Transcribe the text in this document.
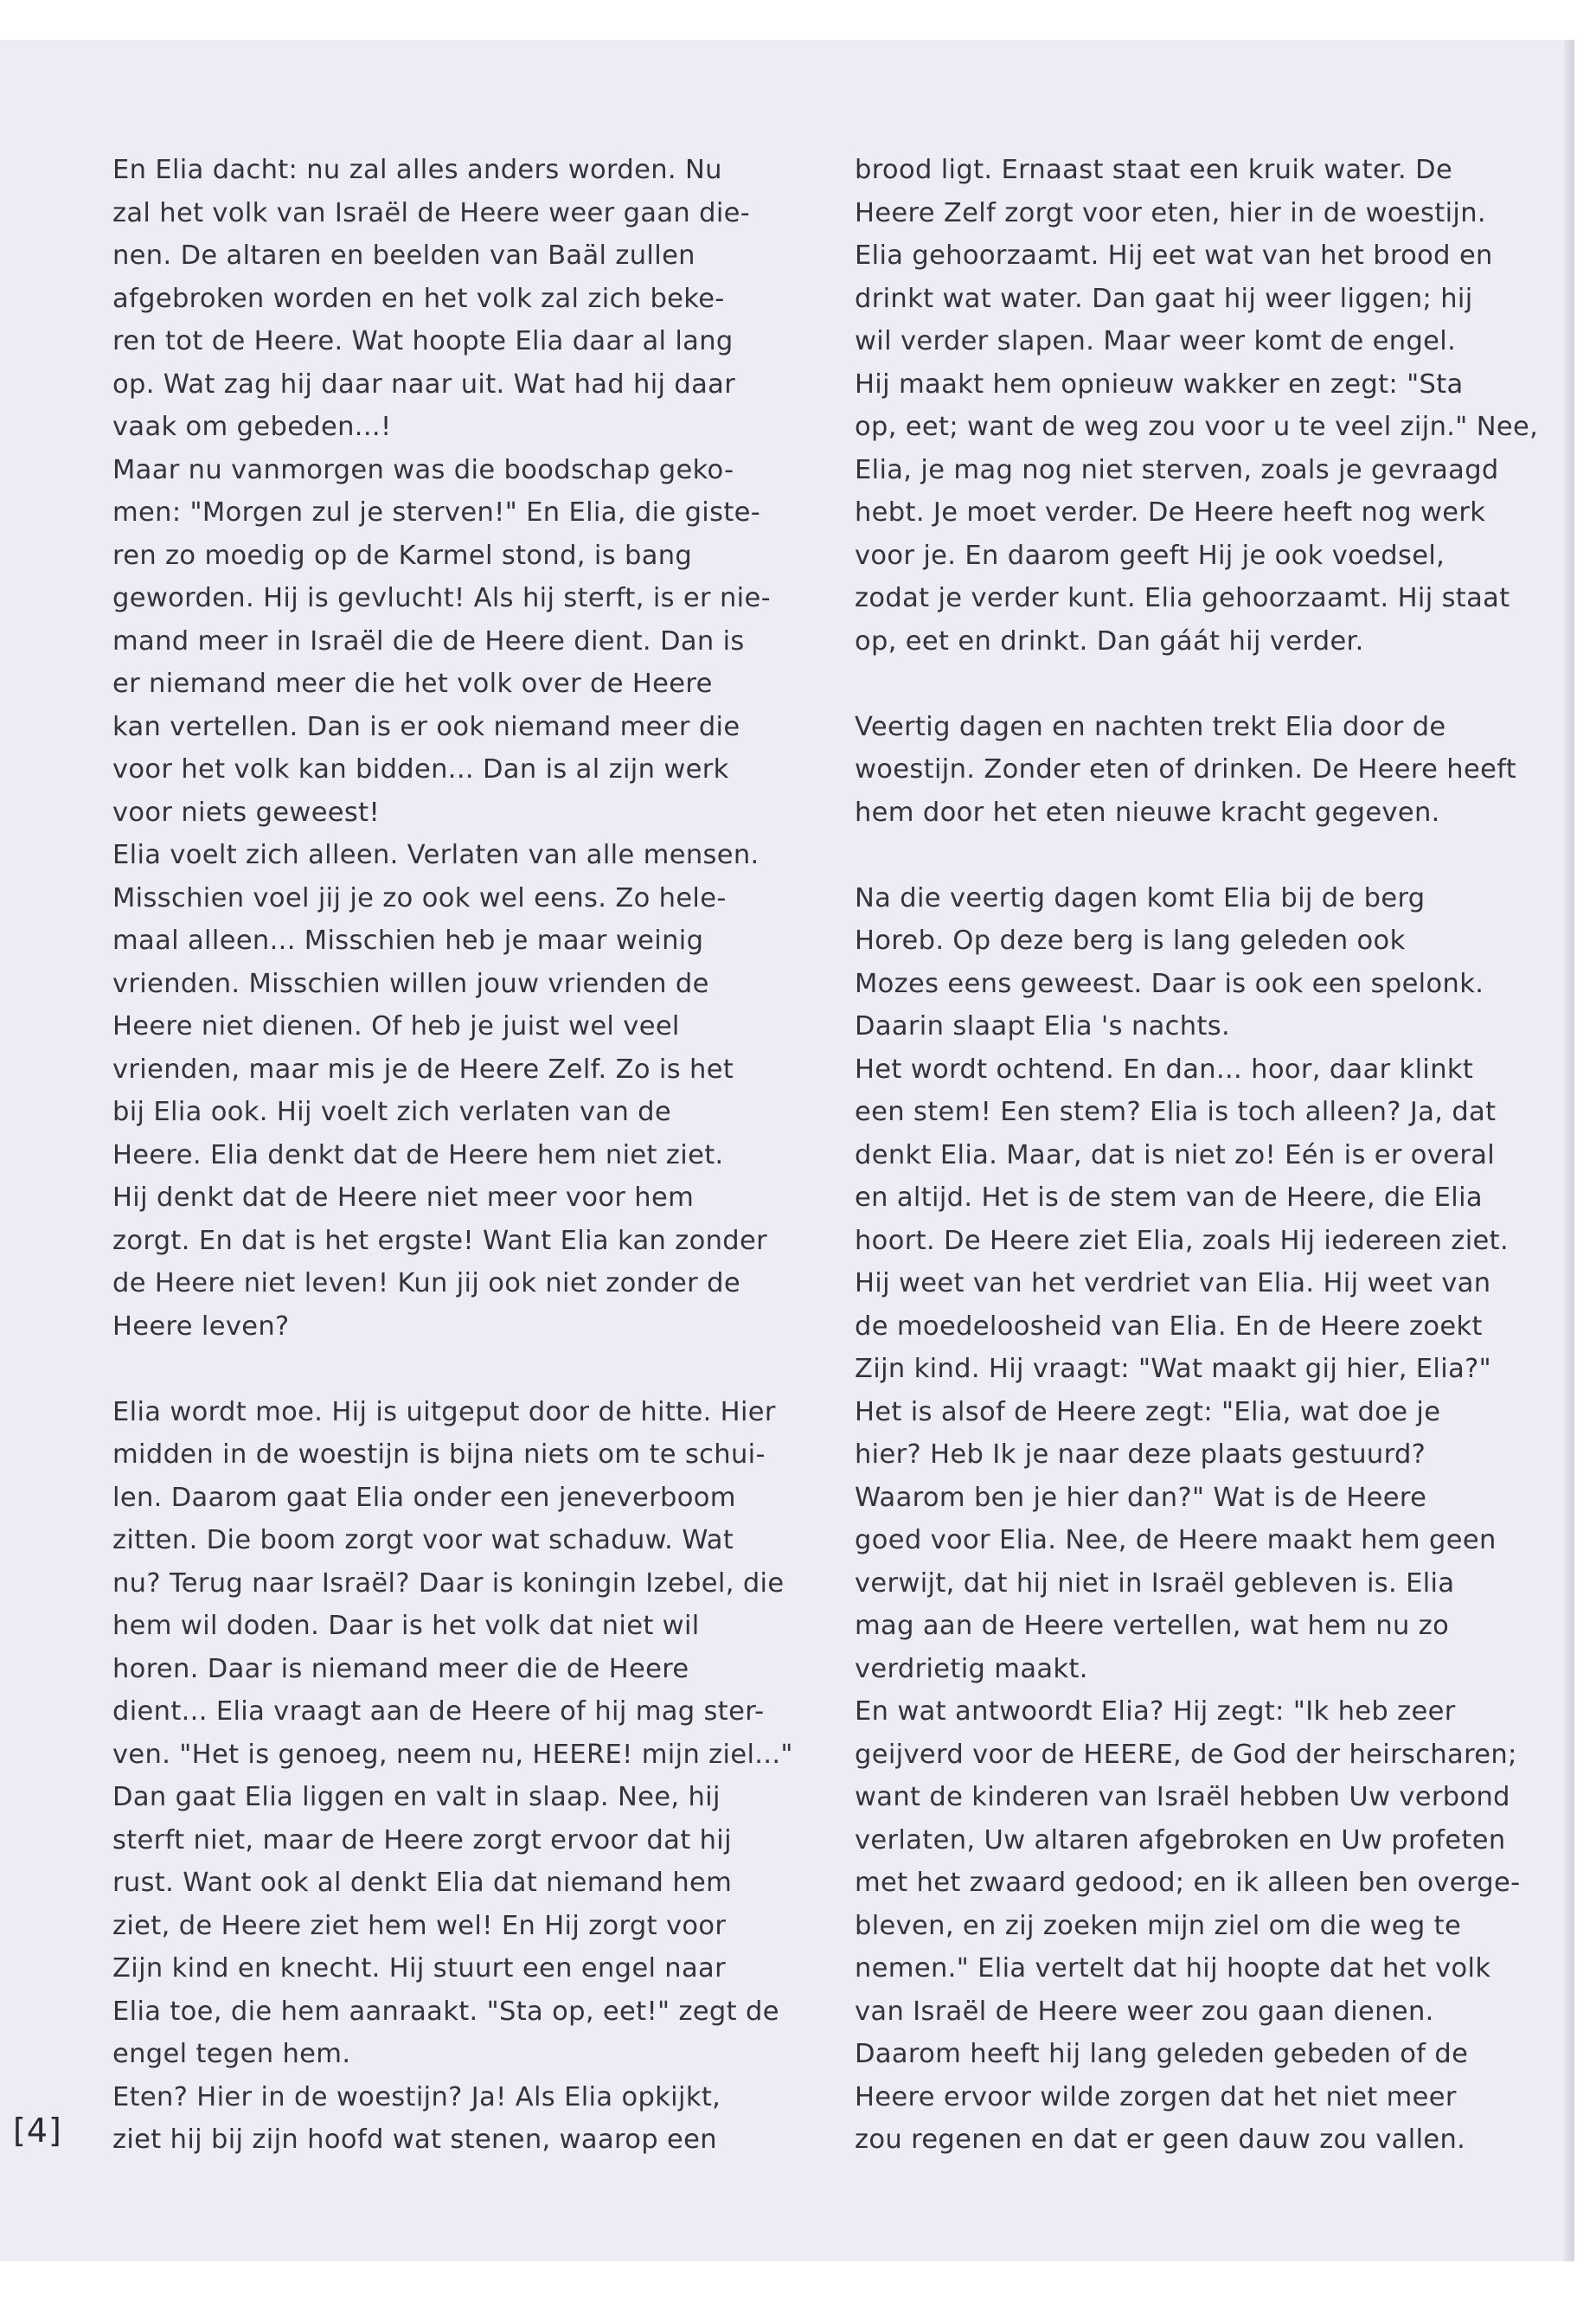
En Elia dacht: nu zal alles anders worden. Nu
zal het volk van Israël de Heere weer gaan die-
nen. De altaren en beelden van Baäl zullen
afgebroken worden en het volk zal zich beke-
ren tot de Heere. Wat hoopte Elia daar al lang
op. Wat zag hij daar naar uit. Wat had hij daar
vaak om gebeden...!
Maar nu vanmorgen was die boodschap geko-
men: "Morgen zul je sterven!" En Elia, die giste-
ren zo moedig op de Karmel stond, is bang
geworden. Hij is gevlucht! Als hij sterft, is er nie-
mand meer in Israël die de Heere dient. Dan is
er niemand meer die het volk over de Heere
kan vertellen. Dan is er ook niemand meer die
voor het volk kan bidden... Dan is al zijn werk
voor niets geweest!
Elia voelt zich alleen. Verlaten van alle mensen.
Misschien voel jij je zo ook wel eens. Zo hele-
maal alleen... Misschien heb je maar weinig
vrienden. Misschien willen jouw vrienden de
Heere niet dienen. Of heb je juist wel veel
vrienden, maar mis je de Heere Zelf. Zo is het
bij Elia ook. Hij voelt zich verlaten van de
Heere. Elia denkt dat de Heere hem niet ziet.
Hij denkt dat de Heere niet meer voor hem
zorgt. En dat is het ergste! Want Elia kan zonder
de Heere niet leven! Kun jij ook niet zonder de
Heere leven?
Elia wordt moe. Hij is uitgeput door de hitte. Hier
midden in de woestijn is bijna niets om te schui-
len. Daarom gaat Elia onder een jeneverboom
zitten. Die boom zorgt voor wat schaduw. Wat
nu? Terug naar Israël? Daar is koningin Izebel, die
hem wil doden. Daar is het volk dat niet wil
horen. Daar is niemand meer die de Heere
dient... Elia vraagt aan de Heere of hij mag ster-
ven. "Het is genoeg, neem nu, HEERE! mijn ziel..."
Dan gaat Elia liggen en valt in slaap. Nee, hij
sterft niet, maar de Heere zorgt ervoor dat hij
rust. Want ook al denkt Elia dat niemand hem
ziet, de Heere ziet hem wel! En Hij zorgt voor
Zijn kind en knecht. Hij stuurt een engel naar
Elia toe, die hem aanraakt. "Sta op, eet!" zegt de
engel tegen hem.
Eten? Hier in de woestijn? Ja! Als Elia opkijkt,
ziet hij bij zijn hoofd wat stenen, waarop een
brood ligt. Ernaast staat een kruik water. De
Heere Zelf zorgt voor eten, hier in de woestijn.
Elia gehoorzaamt. Hij eet wat van het brood en
drinkt wat water. Dan gaat hij weer liggen; hij
wil verder slapen. Maar weer komt de engel.
Hij maakt hem opnieuw wakker en zegt: "Sta
op, eet; want de weg zou voor u te veel zijn." Nee,
Elia, je mag nog niet sterven, zoals je gevraagd
hebt. Je moet verder. De Heere heeft nog werk
voor je. En daarom geeft Hij je ook voedsel,
zodat je verder kunt. Elia gehoorzaamt. Hij staat
op, eet en drinkt. Dan gáát hij verder.
Veertig dagen en nachten trekt Elia door de
woestijn. Zonder eten of drinken. De Heere heeft
hem door het eten nieuwe kracht gegeven.
Na die veertig dagen komt Elia bij de berg
Horeb. Op deze berg is lang geleden ook
Mozes eens geweest. Daar is ook een spelonk.
Daarin slaapt Elia 's nachts.
Het wordt ochtend. En dan... hoor, daar klinkt
een stem! Een stem? Elia is toch alleen? Ja, dat
denkt Elia. Maar, dat is niet zo! Eén is er overal
en altijd. Het is de stem van de Heere, die Elia
hoort. De Heere ziet Elia, zoals Hij iedereen ziet.
Hij weet van het verdriet van Elia. Hij weet van
de moedeloosheid van Elia. En de Heere zoekt
Zijn kind. Hij vraagt: "Wat maakt gij hier, Elia?"
Het is alsof de Heere zegt: "Elia, wat doe je
hier? Heb Ik je naar deze plaats gestuurd?
Waarom ben je hier dan?" Wat is de Heere
goed voor Elia. Nee, de Heere maakt hem geen
verwijt, dat hij niet in Israël gebleven is. Elia
mag aan de Heere vertellen, wat hem nu zo
verdrietig maakt.
En wat antwoordt Elia? Hij zegt: "Ik heb zeer
geijverd voor de HEERE, de God der heirscharen;
want de kinderen van Israël hebben Uw verbond
verlaten, Uw altaren afgebroken en Uw profeten
met het zwaard gedood; en ik alleen ben overge-
bleven, en zij zoeken mijn ziel om die weg te
nemen." Elia vertelt dat hij hoopte dat het volk
van Israël de Heere weer zou gaan dienen.
Daarom heeft hij lang geleden gebeden of de
Heere ervoor wilde zorgen dat het niet meer
zou regenen en dat er geen dauw zou vallen.
[4]
